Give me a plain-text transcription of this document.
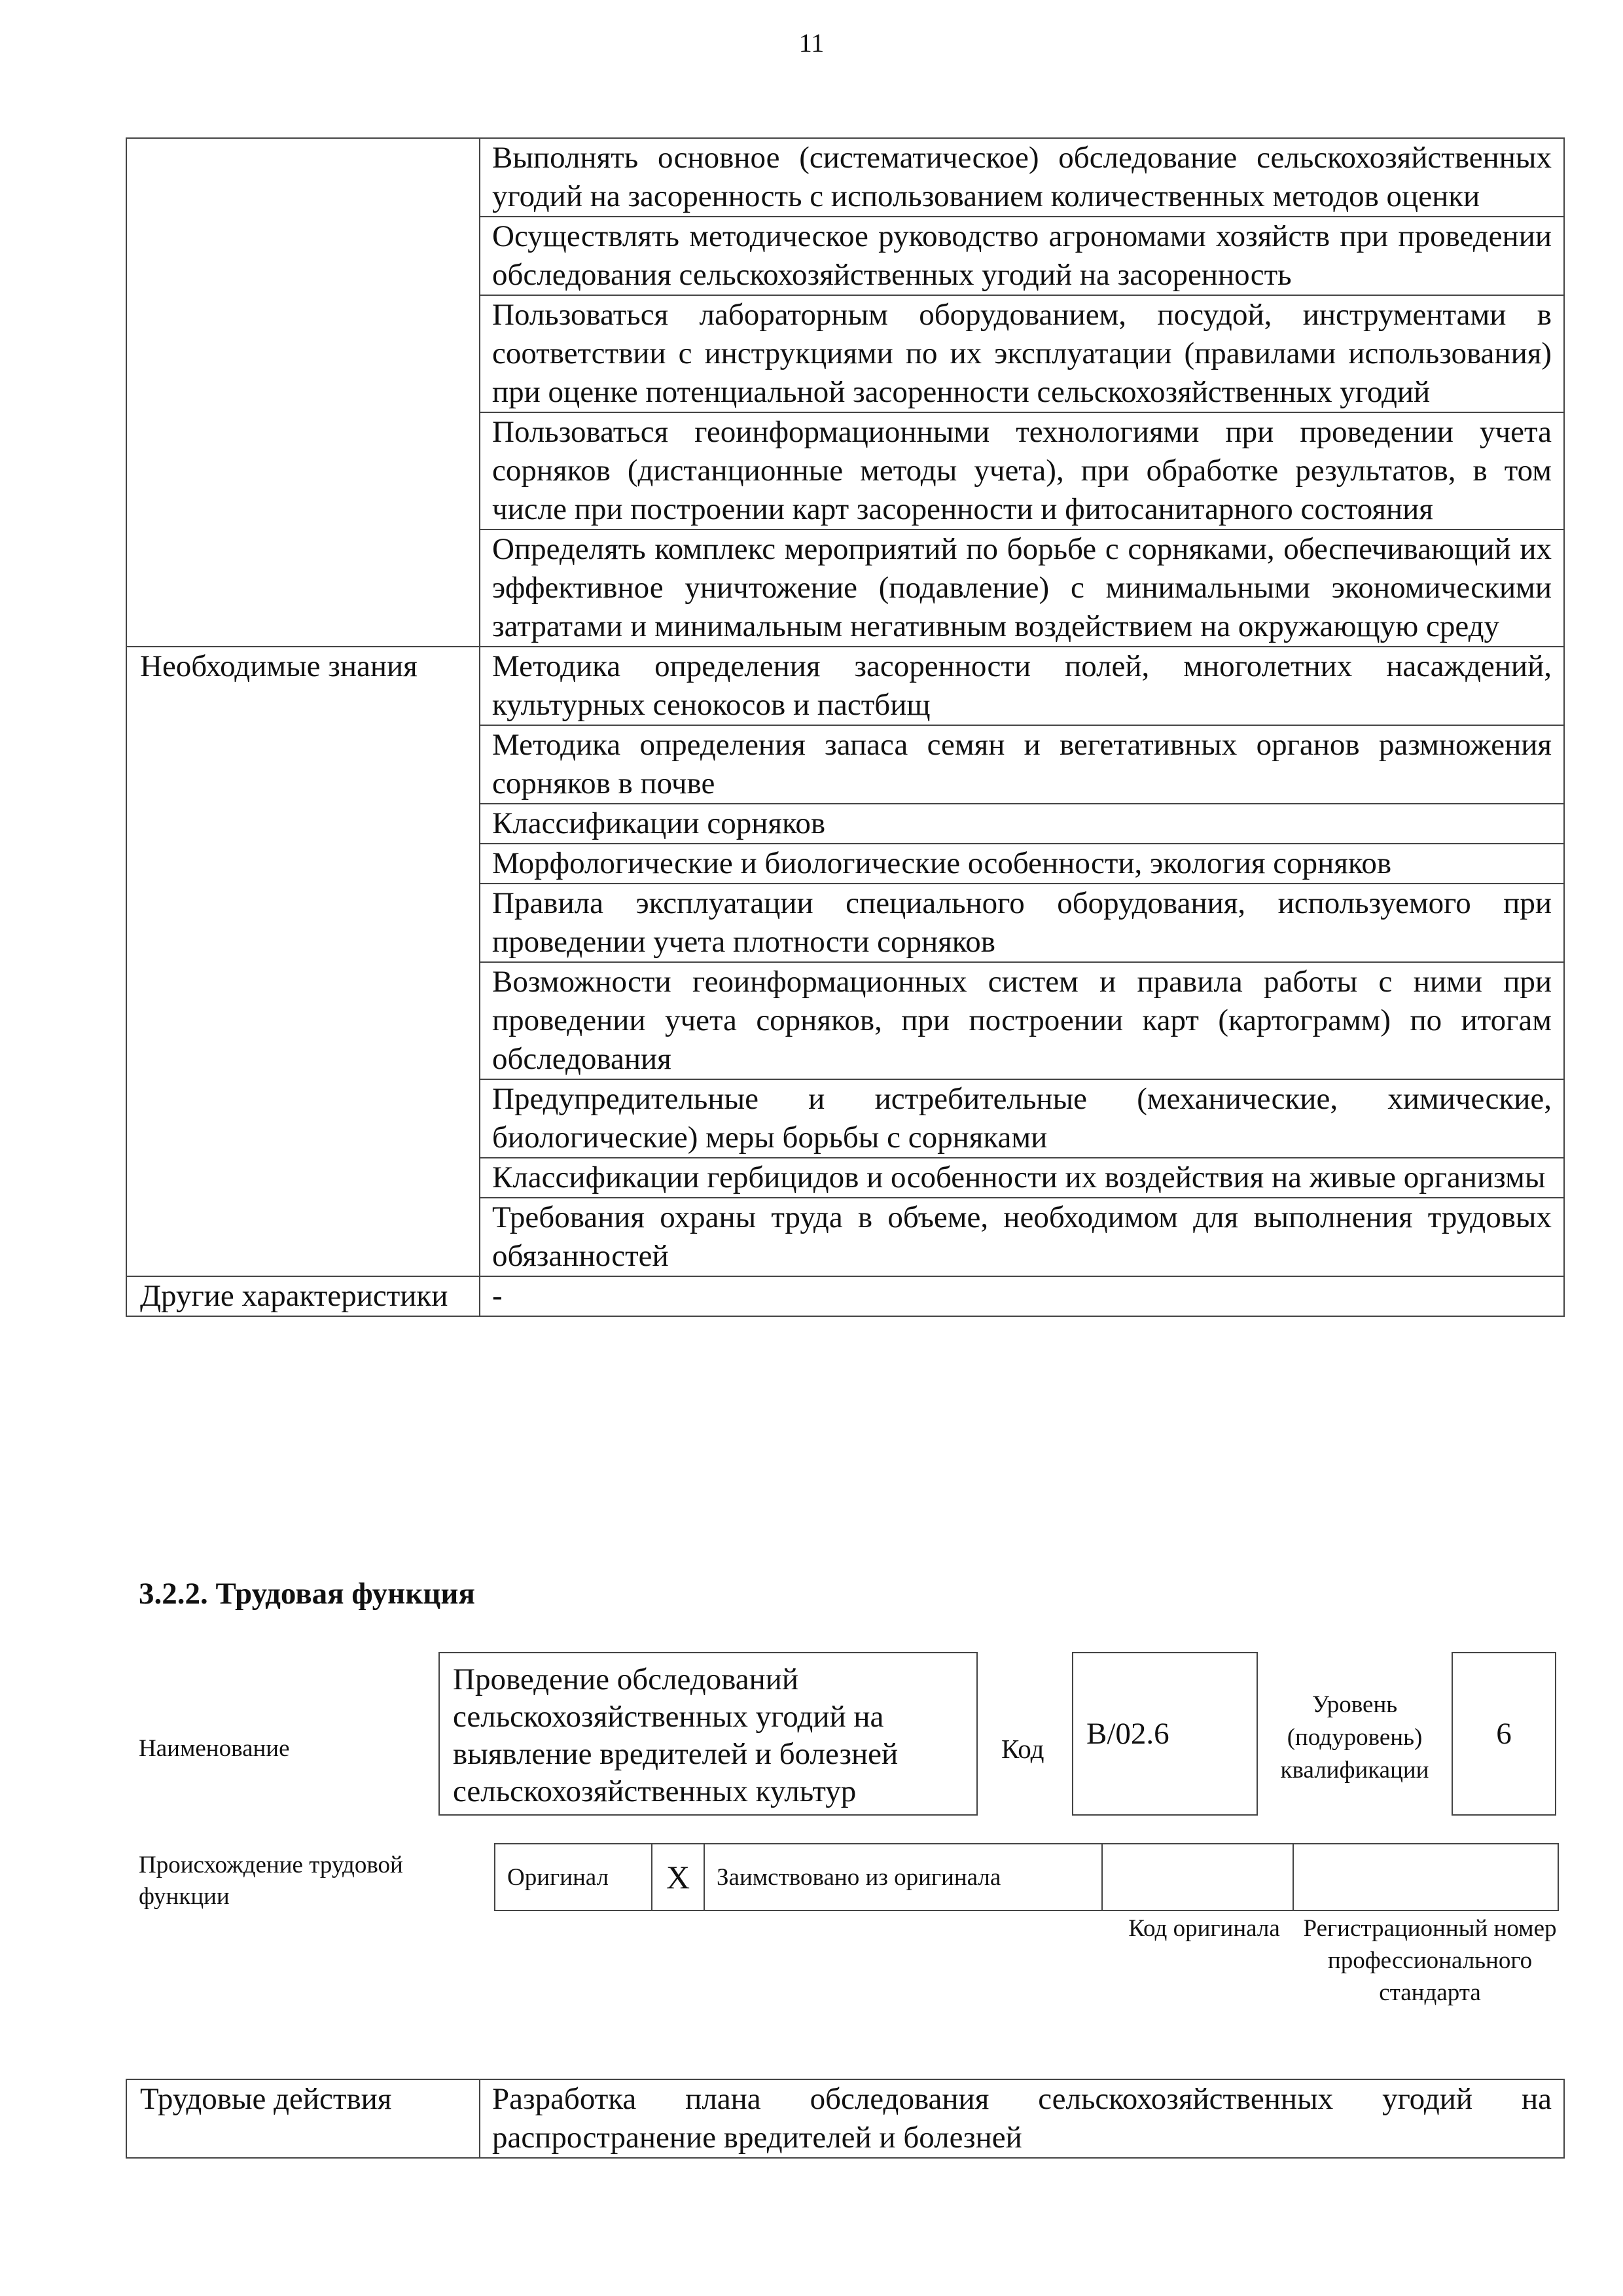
11
	Выполнять основное (систематическое) обследование сельскохозяйственных угодий на засоренность с использованием количественных методов оценки
	Осуществлять методическое руководство агрономами хозяйств при проведении обследования сельскохозяйственных угодий на засоренность
	Пользоваться лабораторным оборудованием, посудой, инструментами в соответствии с инструкциями по их эксплуатации (правилами использования) при оценке потенциальной засоренности сельскохозяйственных угодий
	Пользоваться геоинформационными технологиями при проведении учета сорняков (дистанционные методы учета), при обработке результатов, в том числе при построении карт засоренности и фитосанитарного состояния
	Определять комплекс мероприятий по борьбе с сорняками, обеспечивающий их эффективное уничтожение (подавление) с минимальными экономическими затратами и минимальным негативным воздействием на окружающую среду
Необходимые знания	Методика определения засоренности полей, многолетних насаждений, культурных сенокосов и пастбищ
	Методика определения запаса семян и вегетативных органов размножения сорняков в почве
	Классификации сорняков
	Морфологические и биологические особенности, экология сорняков
	Правила эксплуатации специального оборудования, используемого при проведении учета плотности сорняков
	Возможности геоинформационных систем и правила работы с ними при проведении учета сорняков, при построении карт (картограмм) по итогам обследования
	Предупредительные и истребительные (механические, химические, биологические) меры борьбы с сорняками
	Классификации гербицидов и особенности их воздействия на живые организмы
	Требования охраны труда в объеме, необходимом для выполнения трудовых обязанностей
Другие характеристики	-
3.2.2. Трудовая функция
Наименование
Проведение обследований сельскохозяйственных угодий на выявление вредителей и болезней сельскохозяйственных культур
Код B/02.6
Уровень (подуровень) квалификации
6
Происхождение трудовой функции
Оригинал	X	Заимствовано из оригинала		
Код оригинала Регистрационный номер профессионального стандарта
Трудовые действия	Разработка плана обследования сельскохозяйственных угодий на распространение вредителей и болезней
